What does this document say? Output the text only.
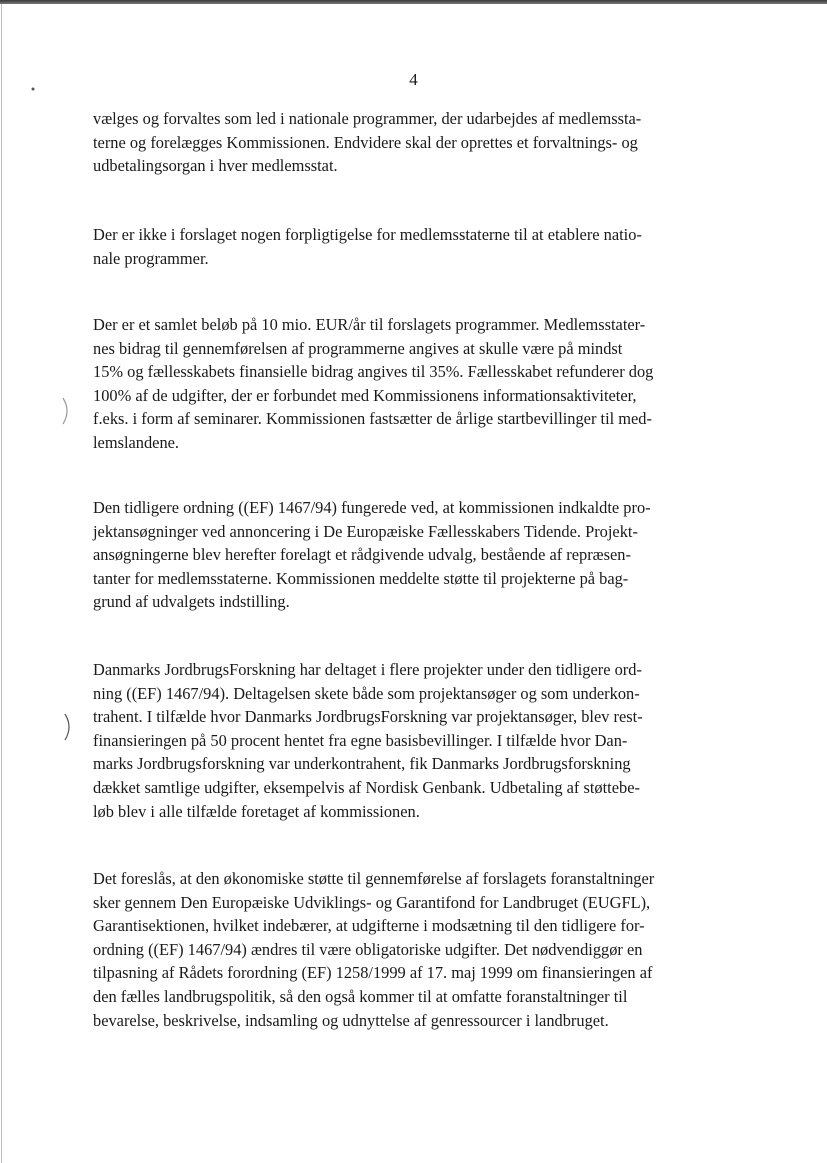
4
vælges og forvaltes som led i nationale programmer, der udarbejdes af medlemssta-
terne og forelægges Kommissionen. Endvidere skal der oprettes et forvaltnings- og
udbetalingsorgan i hver medlemsstat.
Der er ikke i forslaget nogen forpligtigelse for medlemsstaterne til at etablere natio-
nale programmer.
Der er et samlet beløb på 10 mio. EUR/år til forslagets programmer. Medlemsstater-
nes bidrag til gennemførelsen af programmerne angives at skulle være på mindst
15% og fællesskabets finansielle bidrag angives til 35%. Fællesskabet refunderer dog
100% af de udgifter, der er forbundet med Kommissionens informationsaktiviteter,
f.eks. i form af seminarer. Kommissionen fastsætter de årlige startbevillinger til med-
lemslandene.
Den tidligere ordning ((EF) 1467/94) fungerede ved, at kommissionen indkaldte pro-
jektansøgninger ved annoncering i De Europæiske Fællesskabers Tidende. Projekt-
ansøgningerne blev herefter forelagt et rådgivende udvalg, bestående af repræsen-
tanter for medlemsstaterne. Kommissionen meddelte støtte til projekterne på bag-
grund af udvalgets indstilling.
Danmarks JordbrugsForskning har deltaget i flere projekter under den tidligere ord-
ning ((EF) 1467/94). Deltagelsen skete både som projektansøger og som underkon-
trahent. I tilfælde hvor Danmarks JordbrugsForskning var projektansøger, blev rest-
finansieringen på 50 procent hentet fra egne basisbevillinger. I tilfælde hvor Dan-
marks Jordbrugsforskning var underkontrahent, fik Danmarks Jordbrugsforskning
dækket samtlige udgifter, eksempelvis af Nordisk Genbank. Udbetaling af støttebe-
løb blev i alle tilfælde foretaget af kommissionen.
Det foreslås, at den økonomiske støtte til gennemførelse af forslagets foranstaltninger
sker gennem Den Europæiske Udviklings- og Garantifond for Landbruget (EUGFL),
Garantisektionen, hvilket indebærer, at udgifterne i modsætning til den tidligere for-
ordning ((EF) 1467/94) ændres til være obligatoriske udgifter. Det nødvendiggør en
tilpasning af Rådets forordning (EF) 1258/1999 af 17. maj 1999 om finansieringen af
den fælles landbrugspolitik, så den også kommer til at omfatte foranstaltninger til
bevarelse, beskrivelse, indsamling og udnyttelse af genressourcer i landbruget.
